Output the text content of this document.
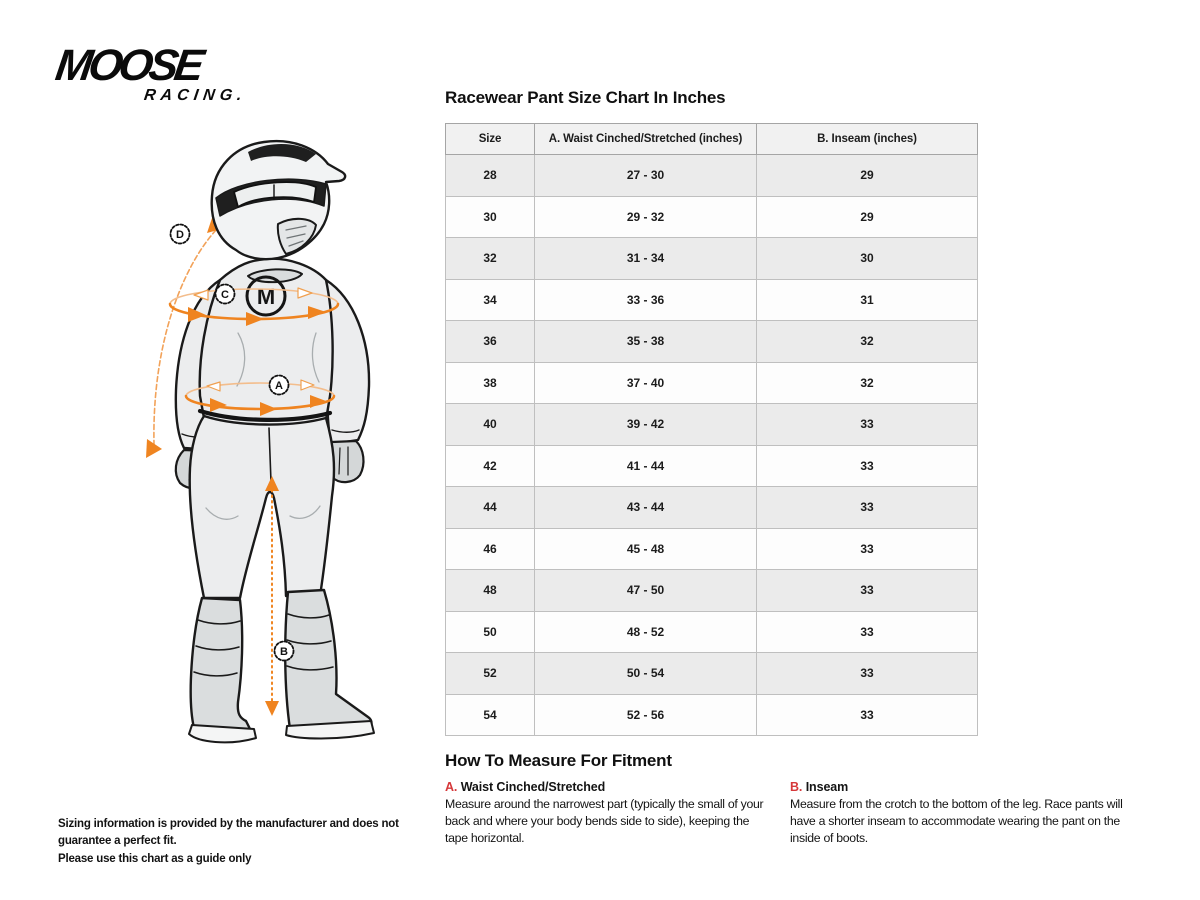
MOOSE
RACING.
M
D
C
A
B
Racewear Pant Size Chart In Inches
Size	A. Waist Cinched/Stretched (inches)	B. Inseam (inches)
28	27 - 30	29
30	29 - 32	29
32	31 - 34	30
34	33 - 36	31
36	35 - 38	32
38	37 - 40	32
40	39 - 42	33
42	41 - 44	33
44	43 - 44	33
46	45 - 48	33
48	47 - 50	33
50	48 - 52	33
52	50 - 54	33
54	52 - 56	33
How To Measure For Fitment
A. Waist Cinched/Stretched
Measure around the narrowest part (typically the small of your back and where your body bends side to side), keeping the tape horizontal.
B. Inseam
Measure from the crotch to the bottom of the leg. Race pants will have a shorter inseam to accommodate wearing the pant on the inside of boots.
Sizing information is provided by the manufacturer and does not guarantee a perfect fit.
Please use this chart as a guide only
